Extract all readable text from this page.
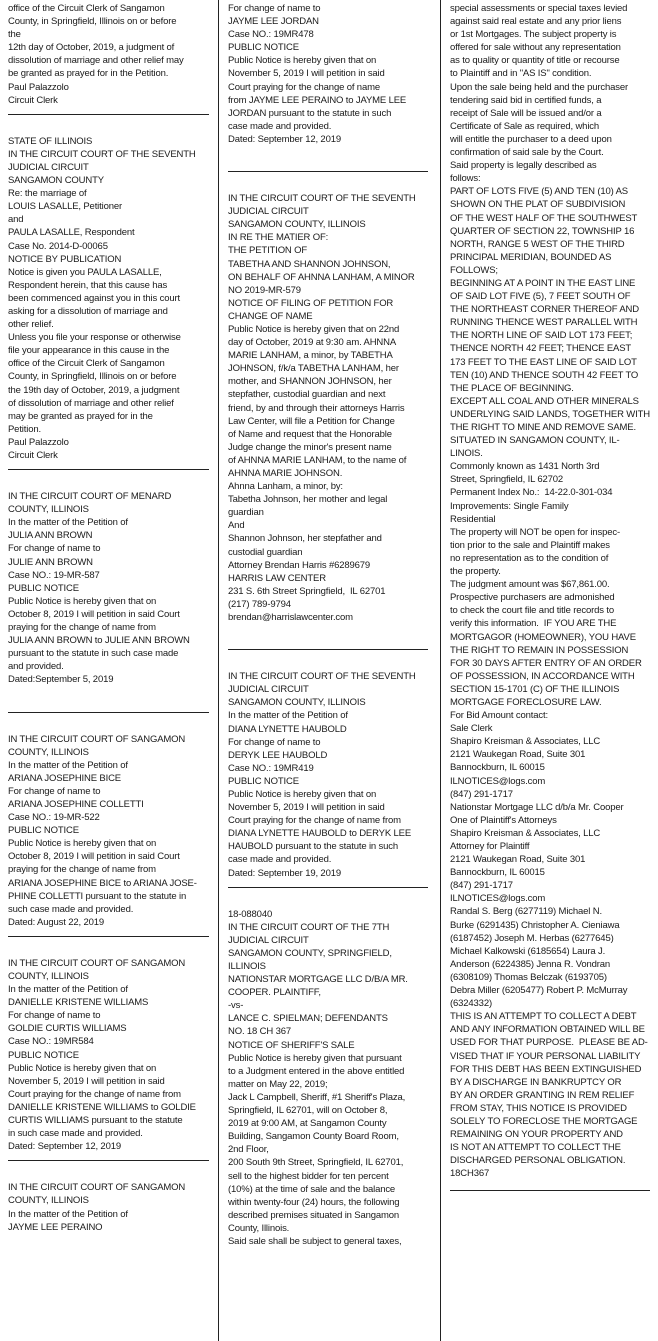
office of the Circuit Clerk of Sangamon
County, in Springfield, Illinois on or before
the
12th day of October, 2019, a judgment of
dissolution of marriage and other relief may
be granted as prayed for in the Petition.
Paul Palazzolo
Circuit Clerk
STATE OF ILLINOIS
IN THE CIRCUIT COURT OF THE SEVENTH
JUDICIAL CIRCUIT
SANGAMON COUNTY
Re: the marriage of
LOUIS LASALLE, Petitioner
and
PAULA LASALLE, Respondent
Case No. 2014-D-00065
NOTICE BY PUBLICATION
Notice is given you PAULA LASALLE,
Respondent herein, that this cause has
been commenced against you in this court
asking for a dissolution of marriage and
other relief.
Unless you file your response or otherwise
file your appearance in this cause in the
office of the Circuit Clerk of Sangamon
County, in Springfield, Illinois on or before
the 19th day of October, 2019, a judgment
of dissolution of marriage and other relief
may be granted as prayed for in the
Petition.
Paul Palazzolo
Circuit Clerk
IN THE CIRCUIT COURT OF MENARD
COUNTY, ILLINOIS
In the matter of the Petition of
JULIA ANN BROWN
For change of name to
JULIE ANN BROWN
Case NO.: 19-MR-587
PUBLIC NOTICE
Public Notice is hereby given that on
October 8, 2019 I will petition in said Court
praying for the change of name from
JULIA ANN BROWN to JULIE ANN BROWN
pursuant to the statute in such case made
and provided.
Dated:September 5, 2019
IN THE CIRCUIT COURT OF SANGAMON
COUNTY, ILLINOIS
In the matter of the Petition of
ARIANA JOSEPHINE BICE
For change of name to
ARIANA JOSEPHINE COLLETTI
Case NO.: 19-MR-522
PUBLIC NOTICE
Public Notice is hereby given that on
October 8, 2019 I will petition in said Court
praying for the change of name from
ARIANA JOSEPHINE BICE to ARIANA JOSE-
PHINE COLLETTI pursuant to the statute in
such case made and provided.
Dated: August 22, 2019
IN THE CIRCUIT COURT OF SANGAMON
COUNTY, ILLINOIS
In the matter of the Petition of
DANIELLE KRISTENE WILLIAMS
For change of name to
GOLDIE CURTIS WILLIAMS
Case NO.: 19MR584
PUBLIC NOTICE
Public Notice is hereby given that on
November 5, 2019 I will petition in said
Court praying for the change of name from
DANIELLE KRISTENE WILLIAMS to GOLDIE
CURTIS WILLIAMS pursuant to the statute
in such case made and provided.
Dated: September 12, 2019
IN THE CIRCUIT COURT OF SANGAMON
COUNTY, ILLINOIS
In the matter of the Petition of
JAYME LEE PERAINO
For change of name to
JAYME LEE JORDAN
Case NO.: 19MR478
PUBLIC NOTICE
Public Notice is hereby given that on
November 5, 2019 I will petition in said
Court praying for the change of name
from JAYME LEE PERAINO to JAYME LEE
JORDAN pursuant to the statute in such
case made and provided.
Dated: September 12, 2019
IN THE CIRCUIT COURT OF THE SEVENTH
JUDICIAL CIRCUIT
SANGAMON COUNTY, ILLINOIS
IN RE THE MATIER OF:
THE PETITION OF
TABETHA AND SHANNON JOHNSON,
ON BEHALF OF AHNNA LANHAM, A MINOR
NO 2019-MR-579
NOTICE OF FILING OF PETITION FOR
CHANGE OF NAME
Public Notice is hereby given that on 22nd
day of October, 2019 at 9:30 am. AHNNA
MARIE LANHAM, a minor, by TABETHA
JOHNSON, f/k/a TABETHA LANHAM, her
mother, and SHANNON JOHNSON, her
stepfather, custodial guardian and next
friend, by and through their attorneys Harris
Law Center, will file a Petition for Change
of Name and request that the Honorable
Judge change the minor's present name
of AHNNA MARIE LANHAM, to the name of
AHNNA MARIE JOHNSON.
Ahnna Lanham, a minor, by:
Tabetha Johnson, her mother and legal
guardian
And
Shannon Johnson, her stepfather and
custodial guardian
Attorney Brendan Harris #6289679
HARRIS LAW CENTER
231 S. 6th Street Springfield,  IL 62701
(217) 789-9794
brendan@harrislawcenter.com
IN THE CIRCUIT COURT OF THE SEVENTH
JUDICIAL CIRCUIT
SANGAMON COUNTY, ILLINOIS
In the matter of the Petition of
DIANA LYNETTE HAUBOLD
For change of name to
DERYK LEE HAUBOLD
Case NO.: 19MR419
PUBLIC NOTICE
Public Notice is hereby given that on
November 5, 2019 I will petition in said
Court praying for the change of name from
DIANA LYNETTE HAUBOLD to DERYK LEE
HAUBOLD pursuant to the statute in such
case made and provided.
Dated: September 19, 2019
18-088040
IN THE CIRCUIT COURT OF THE 7TH
JUDICIAL CIRCUIT
SANGAMON COUNTY, SPRINGFIELD,
ILLINOIS
NATIONSTAR MORTGAGE LLC D/B/A MR.
COOPER. PLAINTIFF,
-vs-
LANCE C. SPIELMAN; DEFENDANTS
NO. 18 CH 367
NOTICE OF SHERIFF'S SALE
Public Notice is hereby given that pursuant
to a Judgment entered in the above entitled
matter on May 22, 2019;
Jack L Campbell, Sheriff, #1 Sheriff's Plaza,
Springfield, IL 62701, will on October 8,
2019 at 9:00 AM, at Sangamon County
Building, Sangamon County Board Room,
2nd Floor,
200 South 9th Street, Springfield, IL 62701,
sell to the highest bidder for ten percent
(10%) at the time of sale and the balance
within twenty-four (24) hours, the following
described premises situated in Sangamon
County, Illinois.
Said sale shall be subject to general taxes,
special assessments or special taxes levied
against said real estate and any prior liens
or 1st Mortgages. The subject property is
offered for sale without any representation
as to quality or quantity of title or recourse
to Plaintiff and in "AS IS" condition.
Upon the sale being held and the purchaser
tendering said bid in certified funds, a
receipt of Sale will be issued and/or a
Certificate of Sale as required, which
will entitle the purchaser to a deed upon
confirmation of said sale by the Court.
Said property is legally described as
follows:
PART OF LOTS FIVE (5) AND TEN (10) AS
SHOWN ON THE PLAT OF SUBDIVISION
OF THE WEST HALF OF THE SOUTHWEST
QUARTER OF SECTION 22, TOWNSHIP 16
NORTH, RANGE 5 WEST OF THE THIRD
PRINCIPAL MERIDIAN, BOUNDED AS
FOLLOWS;
BEGINNING AT A POINT IN THE EAST LINE
OF SAID LOT FIVE (5), 7 FEET SOUTH OF
THE NORTHEAST CORNER THEREOF AND
RUNNING THENCE WEST PARALLEL WITH
THE NORTH LINE OF SAID LOT 173 FEET;
THENCE NORTH 42 FEET; THENCE EAST
173 FEET TO THE EAST LINE OF SAID LOT
TEN (10) AND THENCE SOUTH 42 FEET TO
THE PLACE OF BEGINNING.
EXCEPT ALL COAL AND OTHER MINERALS
UNDERLYING SAID LANDS, TOGETHER WITH
THE RIGHT TO MINE AND REMOVE SAME.
SITUATED IN SANGAMON COUNTY, IL-
LINOIS.
Commonly known as 1431 North 3rd
Street, Springfield, IL 62702
Permanent Index No.:  14-22.0-301-034
Improvements: Single Family
Residential
The property will NOT be open for inspec-
tion prior to the sale and Plaintiff makes
no representation as to the condition of
the property.
The judgment amount was $67,861.00.
Prospective purchasers are admonished
to check the court file and title records to
verify this information.  IF YOU ARE THE
MORTGAGOR (HOMEOWNER), YOU HAVE
THE RIGHT TO REMAIN IN POSSESSION
FOR 30 DAYS AFTER ENTRY OF AN ORDER
OF POSSESSION, IN ACCORDANCE WITH
SECTION 15-1701 (C) OF THE ILLINOIS
MORTGAGE FORECLOSURE LAW.
For Bid Amount contact:
Sale Clerk
Shapiro Kreisman & Associates, LLC
2121 Waukegan Road, Suite 301
Bannockburn, IL 60015
ILNOTICES@logs.com
(847) 291-1717
Nationstar Mortgage LLC d/b/a Mr. Cooper
One of Plaintiff's Attorneys
Shapiro Kreisman & Associates, LLC
Attorney for Plaintiff
2121 Waukegan Road, Suite 301
Bannockburn, IL 60015
(847) 291-1717
ILNOTICES@logs.com
Randal S. Berg (6277119) Michael N.
Burke (6291435) Christopher A. Cieniawa
(6187452) Joseph M. Herbas (6277645)
Michael Kalkowski (6185654) Laura J.
Anderson (6224385) Jenna R. Vondran
(6308109) Thomas Belczak (6193705)
Debra Miller (6205477) Robert P. McMurray
(6324332)
THIS IS AN ATTEMPT TO COLLECT A DEBT
AND ANY INFORMATION OBTAINED WILL BE
USED FOR THAT PURPOSE.  PLEASE BE AD-
VISED THAT IF YOUR PERSONAL LIABILITY
FOR THIS DEBT HAS BEEN EXTINGUISHED
BY A DISCHARGE IN BANKRUPTCY OR
BY AN ORDER GRANTING IN REM RELIEF
FROM STAY, THIS NOTICE IS PROVIDED
SOLELY TO FORECLOSE THE MORTGAGE
REMAINING ON YOUR PROPERTY AND
IS NOT AN ATTEMPT TO COLLECT THE
DISCHARGED PERSONAL OBLIGATION.
18CH367
